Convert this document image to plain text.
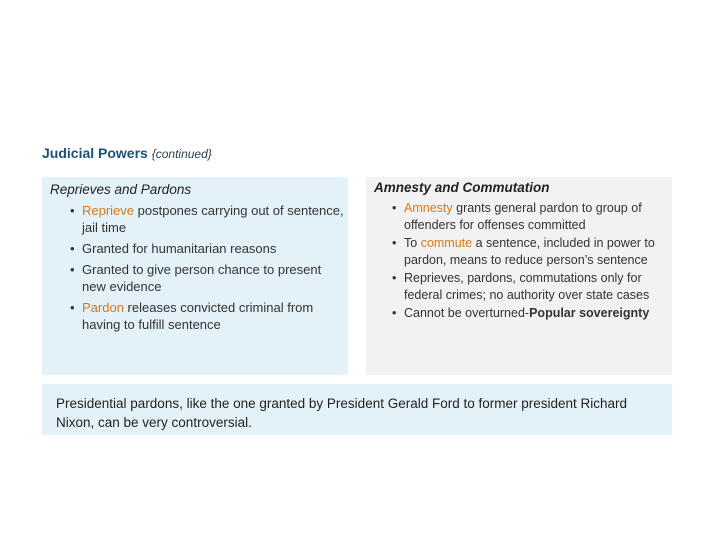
Judicial Powers {continued}
Reprieves and Pardons
• Reprieve postpones carrying out of sentence, jail time
• Granted for humanitarian reasons
• Granted to give person chance to present new evidence
• Pardon releases convicted criminal from having to fulfill sentence
Amnesty and Commutation
• Amnesty grants general pardon to group of offenders for offenses committed
• To commute a sentence, included in power to pardon, means to reduce person’s sentence
• Reprieves, pardons, commutations only for federal crimes; no authority over state cases
• Cannot be overturned-Popular sovereignty
Presidential pardons, like the one granted by President Gerald Ford to former president Richard Nixon, can be very controversial.
